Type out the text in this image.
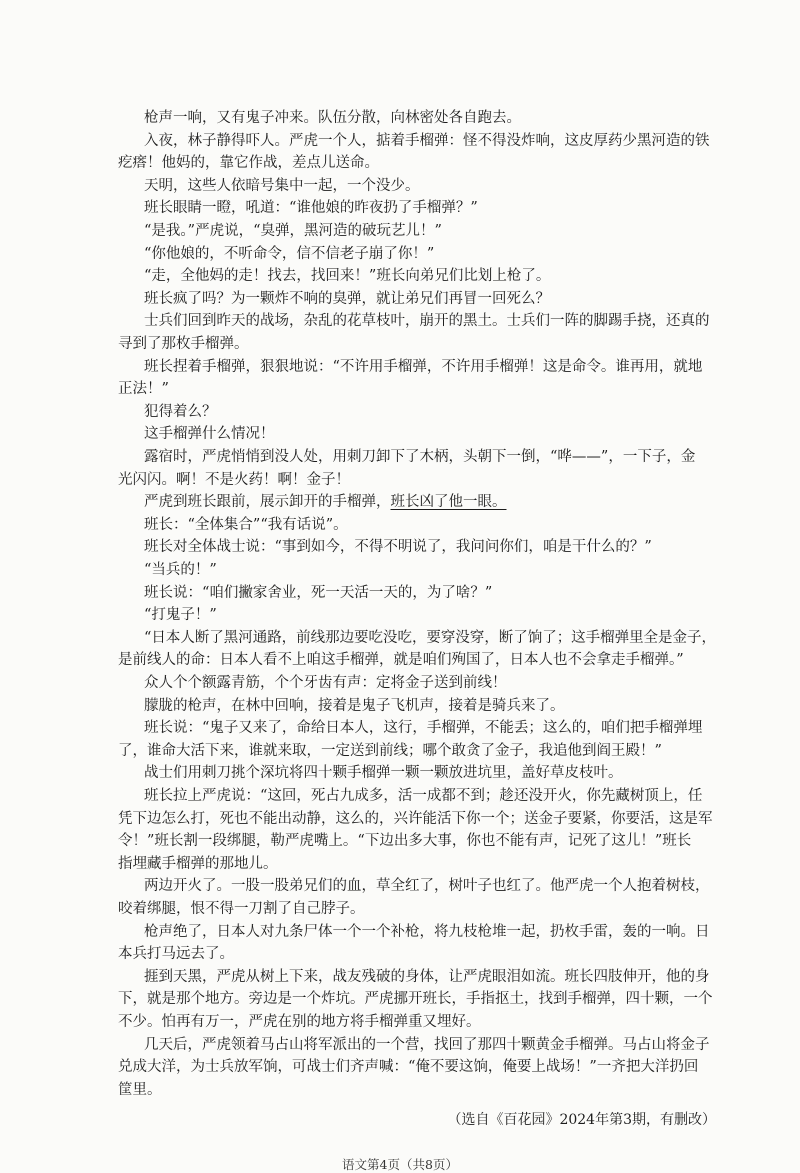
枪声一响，又有鬼子冲来。队伍分散，向林密处各自跑去。

入夜，林子静得吓人。严虎一个人，掂着手榴弹：怪不得没炸响，这皮厚药少黑河造的铁

疙瘩！他妈的，靠它作战，差点儿送命。

天明，这些人依暗号集中一起，一个没少。

班长眼睛一瞪，吼道：“谁他娘的昨夜扔了手榴弹？”

“是我。”严虎说，“臭弹，黑河造的破玩艺儿！”

“你他娘的，不听命令，信不信老子崩了你！”

“走，全他妈的走！找去，找回来！”班长向弟兄们比划上枪了。

班长疯了吗？为一颗炸不响的臭弹，就让弟兄们再冒一回死么？

士兵们回到昨天的战场，杂乱的花草枝叶，崩开的黑土。士兵们一阵的脚踢手挠，还真的

寻到了那枚手榴弹。

班长捏着手榴弹，狠狠地说：“不许用手榴弹，不许用手榴弹！这是命令。谁再用，就地

正法！”

犯得着么？

这手榴弹什么情况！

露宿时，严虎悄悄到没人处，用刺刀卸下了木柄，头朝下一倒，“哗——”，一下子，金

光闪闪。啊！不是火药！啊！金子！

严虎到班长跟前，展示卸开的手榴弹，班长凶了他一眼。

班长：“全体集合”“我有话说”。

班长对全体战士说：“事到如今，不得不明说了，我问问你们，咱是干什么的？”

“当兵的！”

班长说：“咱们撇家舍业，死一天活一天的，为了啥？”

“打鬼子！”

“日本人断了黑河通路，前线那边要吃没吃，要穿没穿，断了饷了；这手榴弹里全是金子，

是前线人的命：日本人看不上咱这手榴弹，就是咱们殉国了，日本人也不会拿走手榴弹。”

众人个个额露青筋，个个牙齿有声：定将金子送到前线！

朦胧的枪声，在林中回响，接着是鬼子飞机声，接着是骑兵来了。

班长说：“鬼子又来了，命给日本人，这行，手榴弹，不能丢；这么的，咱们把手榴弹埋

了，谁命大活下来，谁就来取，一定送到前线；哪个敢贪了金子，我追他到阎王殿！”

战士们用刺刀挑个深坑将四十颗手榴弹一颗一颗放进坑里，盖好草皮枝叶。

班长拉上严虎说：“这回，死占九成多，活一成都不到；趁还没开火，你先藏树顶上，任

凭下边怎么打，死也不能出动静，这么的，兴许能活下你一个；送金子要紧，你要活，这是军

令！”班长割一段绑腿，勒严虎嘴上。“下边出多大事，你也不能有声，记死了这儿！”班长

指埋藏手榴弹的那地儿。

两边开火了。一股一股弟兄们的血，草全红了，树叶子也红了。他严虎一个人抱着树枝，

咬着绑腿，恨不得一刀割了自己脖子。

枪声绝了，日本人对九条尸体一个一个补枪，将九枝枪堆一起，扔枚手雷，轰的一响。日

本兵打马远去了。

捱到天黑，严虎从树上下来，战友残破的身体，让严虎眼泪如流。班长四肢伸开，他的身

下，就是那个地方。旁边是一个炸坑。严虎挪开班长，手指抠土，找到手榴弹，四十颗，一个

不少。怕再有万一，严虎在别的地方将手榴弹重又埋好。

几天后，严虎领着马占山将军派出的一个营，找回了那四十颗黄金手榴弹。马占山将金子

兑成大洋，为士兵放军饷，可战士们齐声喊：“俺不要这饷，俺要上战场！”一齐把大洋扔回

筐里。

（选自《百花园》2024年第3期，有删改）
语文第4页（共8页）
